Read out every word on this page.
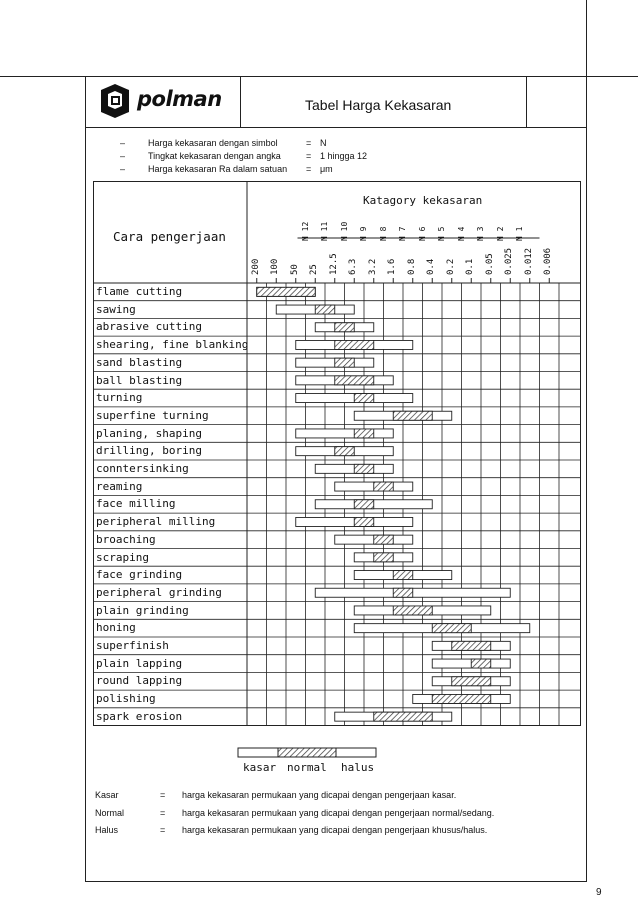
polman	Tabel Harga Kekasaran
–	Harga kekasaran dengan simbol	= N
–	Tingkat kekasaran dengan angka	= 1 hingga 12
–	Harga kekasaran Ra dalam satuan = μm
Cara pengerjaan
Katagory kekasaran
200 100 50 25 12.5 6.3 3.2 1.6 0.8 0.4 0.2 0.1 0.05 0.025 0.012 0.006
N 12 N 11 N 10 N 9 N 8 N 7 N 6 N 5 N 4 N 3 N 2 N 1
flame cutting
sawing
abrasive cutting
shearing, fine blanking
sand blasting
ball blasting
turning
superfine turning
planing, shaping
drilling, boring
conntersinking
reaming
face milling
peripheral milling
broaching
scraping
face grinding
peripheral grinding
plain grinding
honing
superfinish
plain lapping
round lapping
polishing
spark erosion
kasar normal halus
Kasar	= harga kekasaran permukaan yang dicapai dengan pengerjaan kasar.
Normal	= harga kekasaran permukaan yang dicapai dengan pengerjaan normal/sedang.
Halus	= harga kekasaran permukaan yang dicapai dengan pengerjaan khusus/halus.
9
